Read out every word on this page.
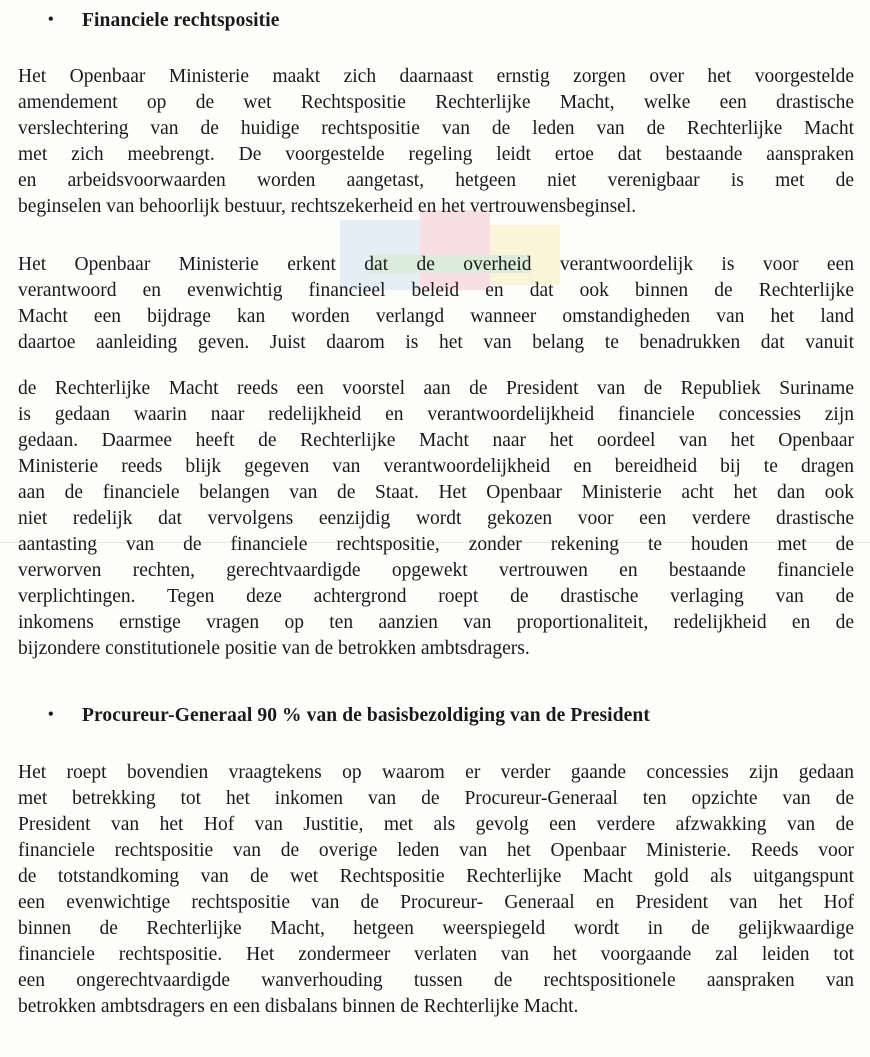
• Financiele rechtspositie
Het Openbaar Ministerie maakt zich daarnaast ernstig zorgen over het voorgestelde
amendement op de wet Rechtspositie Rechterlijke Macht, welke een drastische
verslechtering van de huidige rechtspositie van de leden van de Rechterlijke Macht
met zich meebrengt. De voorgestelde regeling leidt ertoe dat bestaande aanspraken
en arbeidsvoorwaarden worden aangetast, hetgeen niet verenigbaar is met de
beginselen van behoorlijk bestuur, rechtszekerheid en het vertrouwensbeginsel.
Het Openbaar Ministerie erkent dat de overheid verantwoordelijk is voor een
verantwoord en evenwichtig financieel beleid en dat ook binnen de Rechterlijke
Macht een bijdrage kan worden verlangd wanneer omstandigheden van het land
daartoe aanleiding geven. Juist daarom is het van belang te benadrukken dat vanuit
de Rechterlijke Macht reeds een voorstel aan de President van de Republiek Suriname
is gedaan waarin naar redelijkheid en verantwoordelijkheid financiele concessies zijn
gedaan. Daarmee heeft de Rechterlijke Macht naar het oordeel van het Openbaar
Ministerie reeds blijk gegeven van verantwoordelijkheid en bereidheid bij te dragen
aan de financiele belangen van de Staat. Het Openbaar Ministerie acht het dan ook
niet redelijk dat vervolgens eenzijdig wordt gekozen voor een verdere drastische
aantasting van de financiele rechtspositie, zonder rekening te houden met de
verworven rechten, gerechtvaardigde opgewekt vertrouwen en bestaande financiele
verplichtingen. Tegen deze achtergrond roept de drastische verlaging van de
inkomens ernstige vragen op ten aanzien van proportionaliteit, redelijkheid en de
bijzondere constitutionele positie van de betrokken ambtsdragers.
• Procureur-Generaal 90 % van de basisbezoldiging van de President
Het roept bovendien vraagtekens op waarom er verder gaande concessies zijn gedaan
met betrekking tot het inkomen van de Procureur-Generaal ten opzichte van de
President van het Hof van Justitie, met als gevolg een verdere afzwakking van de
financiele rechtspositie van de overige leden van het Openbaar Ministerie. Reeds voor
de totstandkoming van de wet Rechtspositie Rechterlijke Macht gold als uitgangspunt
een evenwichtige rechtspositie van de Procureur- Generaal en President van het Hof
binnen de Rechterlijke Macht, hetgeen weerspiegeld wordt in de gelijkwaardige
financiele rechtspositie. Het zondermeer verlaten van het voorgaande zal leiden tot
een ongerechtvaardigde wanverhouding tussen de rechtspositionele aanspraken van
betrokken ambtsdragers en een disbalans binnen de Rechterlijke Macht.
